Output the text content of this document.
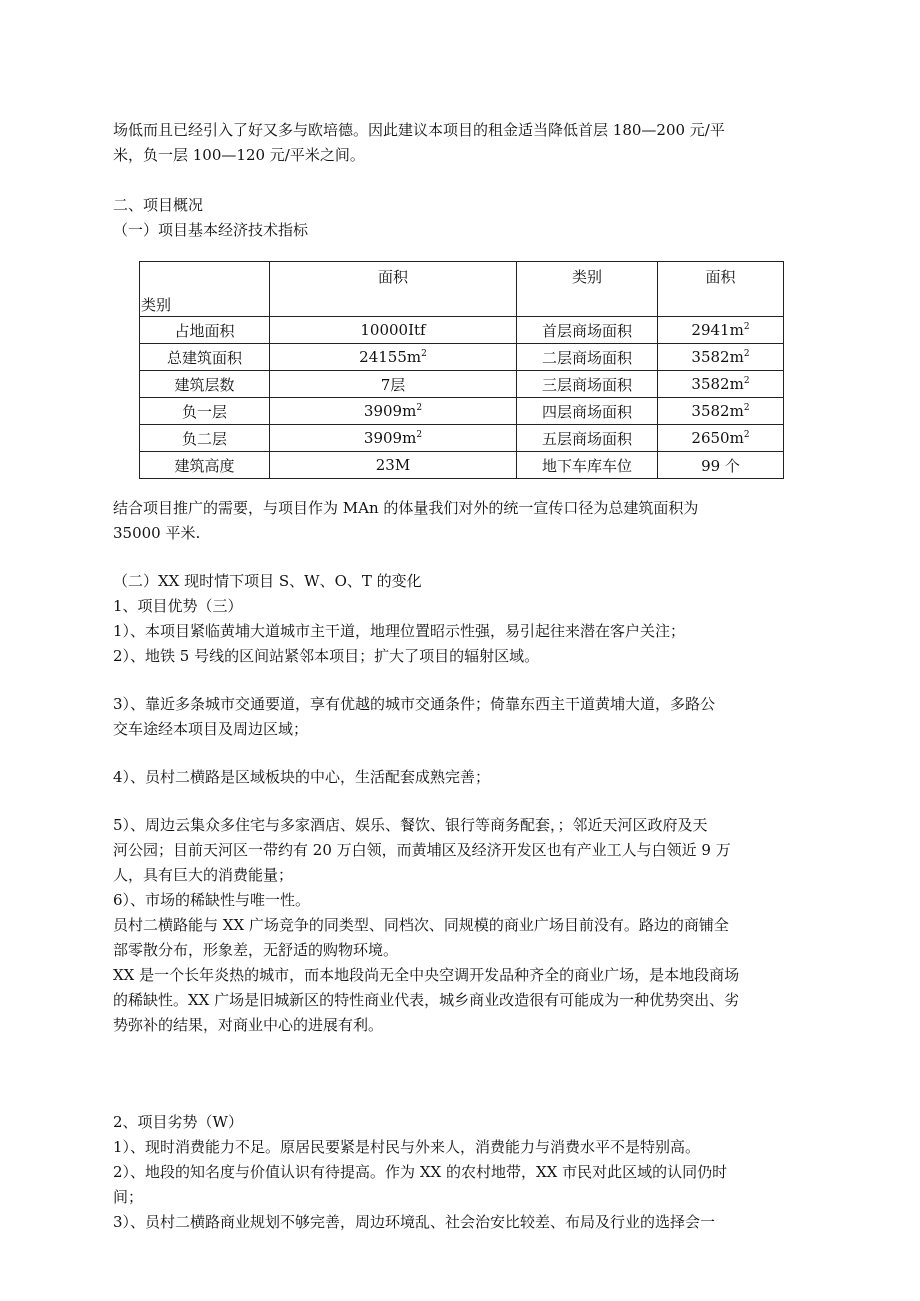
场低而且已经引入了好又多与欧培德。因此建议本项目的租金适当降低首层 180—200 元/平
米，负一层 100—120 元/平米之间。
二、项目概况
（一）项目基本经济技术指标
类别	面积	类别	面积
占地面积	10000Itf	首层商场面积	$2941m^2$
总建筑面积	$24155m^2$	二层商场面积	$3582m^2$
建筑层数	7层	三层商场面积	$3582m^2$
负一层	$3909m^2$	四层商场面积	$3582m^2$
负二层	$3909m^2$	五层商场面积	$2650m^2$
建筑高度	23M	地下车库车位	99 个
结合项目推广的需要，与项目作为 MAn 的体量我们对外的统一宣传口径为总建筑面积为
35000 平米.
（二）XX 现时情下项目 S、W、O、T 的变化
1、项目优势（三）
1）、本项目紧临黄埔大道城市主干道，地理位置昭示性强，易引起往来潜在客户关注；
2）、地铁 5 号线的区间站紧邻本项目；扩大了项目的辐射区域。
3）、靠近多条城市交通要道，享有优越的城市交通条件；倚靠东西主干道黄埔大道，多路公
交车途经本项目及周边区域；
4）、员村二横路是区域板块的中心，生活配套成熟完善；
5）、周边云集众多住宅与多家酒店、娱乐、餐饮、银行等商务配套，；邻近天河区政府及天
河公园；目前天河区一带约有 20 万白领，而黄埔区及经济开发区也有产业工人与白领近 9 万
人，具有巨大的消费能量；
6）、市场的稀缺性与唯一性。
员村二横路能与 XX 广场竞争的同类型、同档次、同规模的商业广场目前没有。路边的商铺全
部零散分布，形象差，无舒适的购物环境。
XX 是一个长年炎热的城市，而本地段尚无全中央空调开发品种齐全的商业广场，是本地段商场
的稀缺性。XX 广场是旧城新区的特性商业代表，城乡商业改造很有可能成为一种优势突出、劣
势弥补的结果，对商业中心的进展有利。
2、项目劣势（W）
1）、现时消费能力不足。原居民要紧是村民与外来人，消费能力与消费水平不是特别高。
2）、地段的知名度与价值认识有待提高。作为 XX 的农村地带，XX 市民对此区域的认同仍时
间；
3）、员村二横路商业规划不够完善，周边环境乱、社会治安比较差、布局及行业的选择会一
